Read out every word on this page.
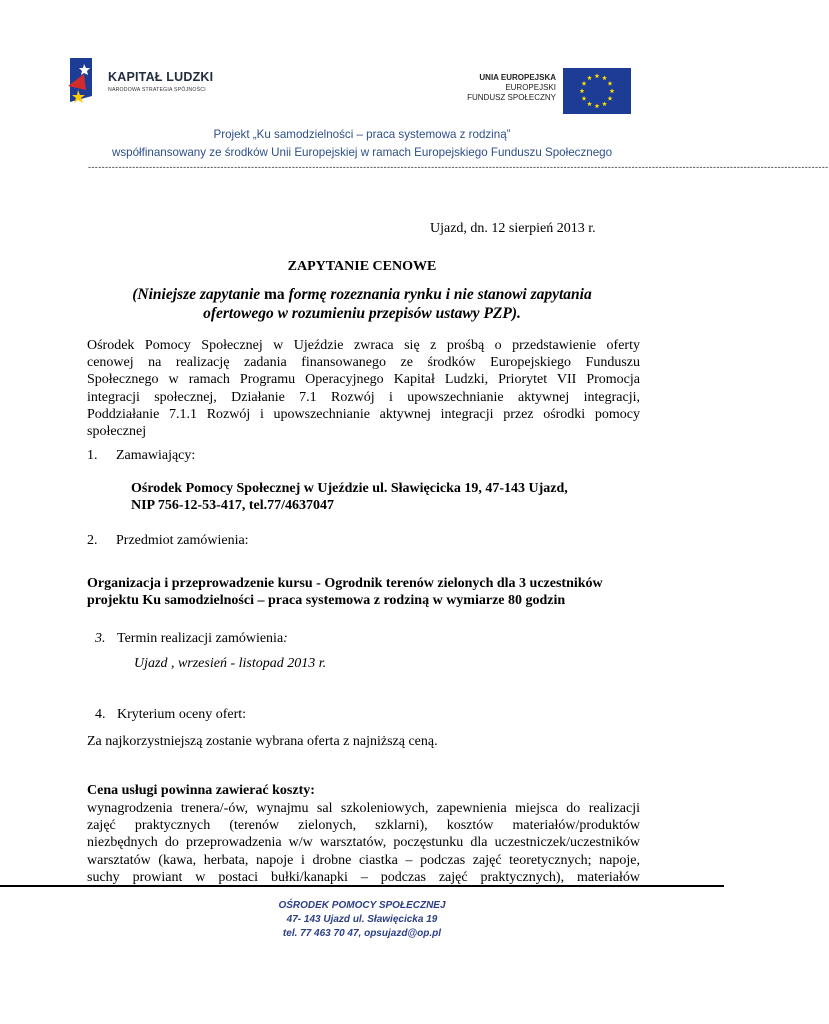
KAPITAŁ LUDZKI
NARODOWA STRATEGIA SPÓJNOŚCI
UNIA EUROPEJSKA
EUROPEJSKI
FUNDUSZ SPOŁECZNY
Projekt „Ku samodzielności – praca systemowa z rodziną”
współfinansowany ze środków Unii Europejskiej w ramach Europejskiego Funduszu Społecznego
--------------------------------------------------------------------------------------------------------------------------------------------------------------------------------------------------------------------------
Ujazd, dn. 12 sierpień 2013 r.
ZAPYTANIE CENOWE
(Niniejsze zapytanie ma formę rozeznania rynku i nie stanowi zapytania
ofertowego w rozumieniu przepisów ustawy PZP).
Ośrodek Pomocy Społecznej w Ujeździe zwraca się z prośbą o przedstawienie oferty
cenowej na realizację zadania finansowanego ze środków Europejskiego Funduszu
Społecznego w ramach Programu Operacyjnego Kapitał Ludzki, Priorytet VII Promocja
integracji społecznej, Działanie 7.1 Rozwój i upowszechnianie aktywnej integracji,
Poddziałanie 7.1.1 Rozwój i upowszechnianie aktywnej integracji przez ośrodki pomocy
społecznej
1. Zamawiający:
Ośrodek Pomocy Społecznej w Ujeździe ul. Sławięcicka 19, 47-143 Ujazd,
NIP 756-12-53-417, tel.77/4637047
2. Przedmiot zamówienia:
Organizacja i przeprowadzenie kursu - Ogrodnik terenów zielonych dla 3 uczestników
projektu Ku samodzielności – praca systemowa z rodziną w wymiarze 80 godzin
3. Termin realizacji zamówienia:
Ujazd , wrzesień - listopad 2013 r.
4. Kryterium oceny ofert:
Za najkorzystniejszą zostanie wybrana oferta z najniższą ceną.
Cena usługi powinna zawierać koszty:
wynagrodzenia trenera/-ów, wynajmu sal szkoleniowych, zapewnienia miejsca do realizacji
zajęć praktycznych (terenów zielonych, szklarni), kosztów materiałów/produktów
niezbędnych do przeprowadzenia w/w warsztatów, poczęstunku dla uczestniczek/uczestników
warsztatów (kawa, herbata, napoje i drobne ciastka – podczas zajęć teoretycznych; napoje,
suchy prowiant w postaci bułki/kanapki – podczas zajęć praktycznych), materiałów
OŚRODEK POMOCY SPOŁECZNEJ
47- 143 Ujazd ul. Sławięcicka 19
tel. 77 463 70 47, opsujazd@op.pl
